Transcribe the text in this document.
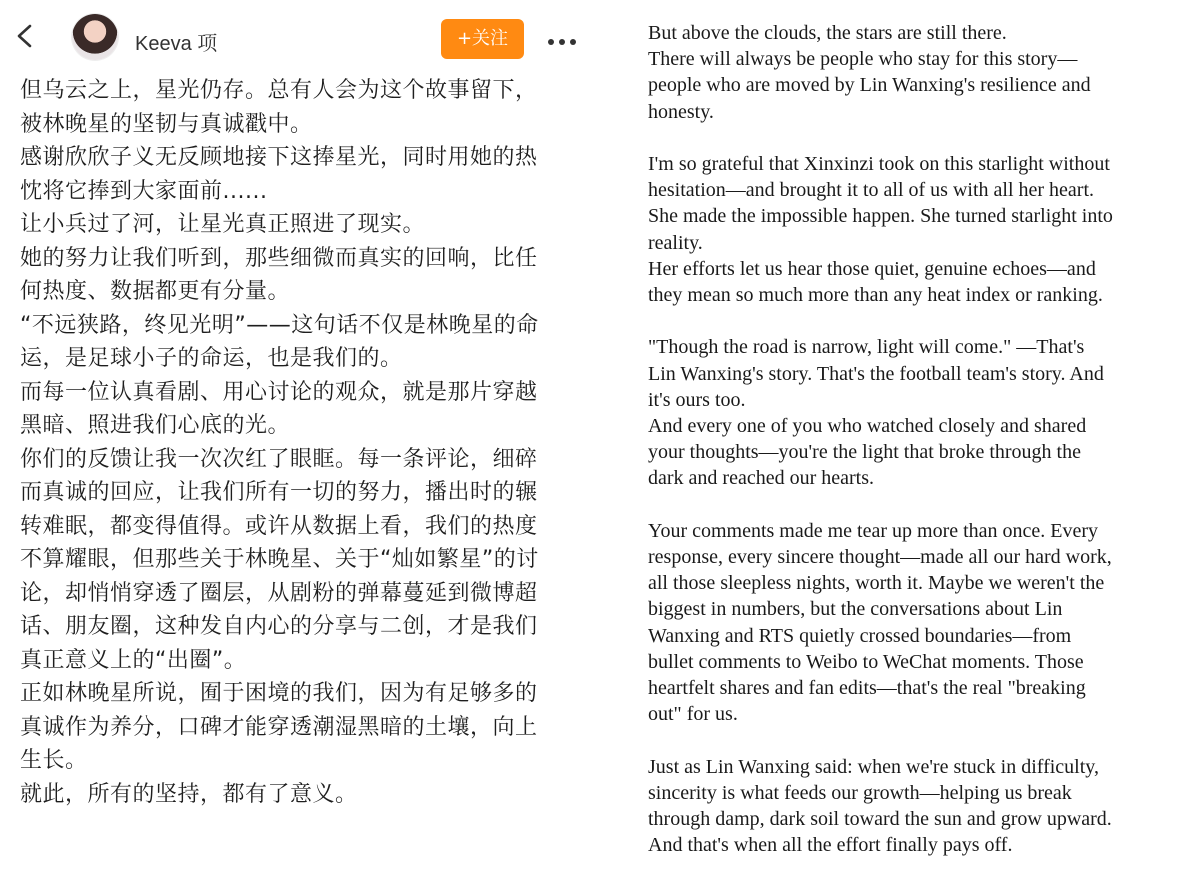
Keeva 项	+关注

但乌云之上，星光仍存。总有人会为这个故事留下，

被林晚星的坚韧与真诚戳中。

感谢欣欣子义无反顾地接下这捧星光，同时用她的热

忱将它捧到大家面前......

让小兵过了河，让星光真正照进了现实。

她的努力让我们听到，那些细微而真实的回响，比任

何热度、数据都更有分量。

“不远狭路，终见光明”——这句话不仅是林晚星的命

运，是足球小子的命运，也是我们的。

而每一位认真看剧、用心讨论的观众，就是那片穿越

黑暗、照进我们心底的光。

你们的反馈让我一次次红了眼眶。每一条评论，细碎

而真诚的回应，让我们所有一切的努力，播出时的辗

转难眠，都变得值得。或许从数据上看，我们的热度

不算耀眼，但那些关于林晚星、关于“灿如繁星”的讨

论，却悄悄穿透了圈层，从剧粉的弹幕蔓延到微博超

话、朋友圈，这种发自内心的分享与二创，才是我们

真正意义上的“出圈”。

正如林晚星所说，囿于困境的我们，因为有足够多的

真诚作为养分，口碑才能穿透潮湿黑暗的土壤，向上

生长。

就此，所有的坚持，都有了意义。

But above the clouds, the stars are still there.

There will always be people who stay for this story—

people who are moved by Lin Wanxing's resilience and

honesty.

I'm so grateful that Xinxinzi took on this starlight without

hesitation—and brought it to all of us with all her heart.

She made the impossible happen. She turned starlight into

reality.

Her efforts let us hear those quiet, genuine echoes—and

they mean so much more than any heat index or ranking.

"Though the road is narrow, light will come." —That's

Lin Wanxing's story. That's the football team's story. And

it's ours too.

And every one of you who watched closely and shared

your thoughts—you're the light that broke through the

dark and reached our hearts.

Your comments made me tear up more than once. Every

response, every sincere thought—made all our hard work,

all those sleepless nights, worth it. Maybe we weren't the

biggest in numbers, but the conversations about Lin

Wanxing and RTS quietly crossed boundaries—from

bullet comments to Weibo to WeChat moments. Those

heartfelt shares and fan edits—that's the real "breaking

out" for us.

Just as Lin Wanxing said: when we're stuck in difficulty,

sincerity is what feeds our growth—helping us break

through damp, dark soil toward the sun and grow upward.

And that's when all the effort finally pays off.
